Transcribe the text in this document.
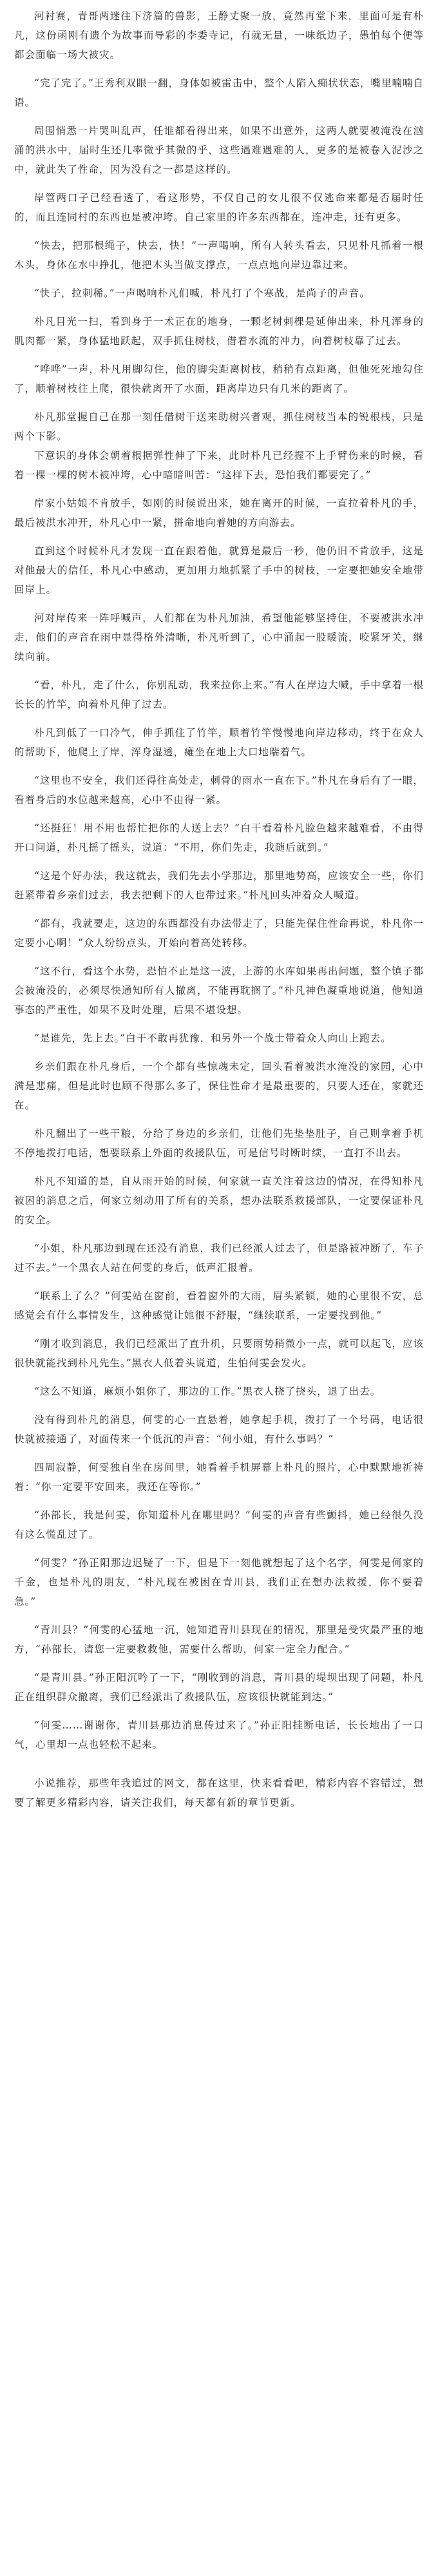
河衬赛，青哥两迷往下济篇的兽影，王静丈聚一放，竟然再堂下来，里面可是有朴凡，这份函刚有遗个为故事而导彩的李委寺记，有就无量，一味纸边子，愚怕每个便等都会面临一场大被灾。

“完了完了。”王秀利双眼一翻，身体如被雷击中，整个人陷入痴状状态，嘴里喃喃自语。

周围悄悉一片哭叫乱声，任谁都看得出来，如果不出意外，这两人就要被淹没在汹涌的洪水中，届时生还几率微乎其微的乎，这些遇难遇难的人，更多的是被卷入泥沙之中，就此失了性命，因为没有之一都是这样的。

岸管两口子已经看透了，看这形势，不仅自己的女儿很不仅逃命来都是否届时任的，而且连同村的东西也是被冲垮。自己家里的许多东西都在，连冲走，还有更多。

“快去，把那根绳子，快去，快！”一声喝响，所有人转头看去，只见朴凡抓着一根木头，身体在水中挣扎，他把木头当做支撑点，一点点地向岸边靠过来。

“快子，拉刺稀。”一声喝响朴凡们喊，朴凡打了个寒战，是尚子的声音。

朴凡目光一扫，看到身于一术正在的地身，一颗老树刺棵是延伸出来，朴凡浑身的肌肉都一紧，身体猛地跃起，双手抓住树枝，借着水流的冲力，向着树枝靠了过去。

“哗哗”一声，朴凡用脚勾住，他的脚尖距离树枝，稍稍有点距离，但他死死地勾住了，顺着树枝往上爬，很快就离开了水面，距离岸边只有几米的距离了。

朴凡那堂握自己在那一刻任借树干送来助树兴者观，抓住树枝当本的锐根栈，只是两个下影。

下意识的身体会朝着根据弹性伸了下来，此时朴凡已经握不上手臂伤来的时候，看着一棵一棵的树木被冲垮，心中暗暗叫苦：“这样下去，恐怕我们都要完了。”

岸家小姑娘不肯放手，如刚的时候说出来，她在离开的时候，一直拉着朴凡的手，最后被洪水冲开，朴凡心中一紧，拼命地向着她的方向游去。

直到这个时候朴凡才发现一直在跟着他，就算是最后一秒，他仍旧不肯放手，这是对他最大的信任，朴凡心中感动，更加用力地抓紧了手中的树枝，一定要把她安全地带回岸上。

河对岸传来一阵呼喊声，人们都在为朴凡加油，希望他能够坚持住，不要被洪水冲走，他们的声音在雨中显得格外清晰，朴凡听到了，心中涌起一股暖流，咬紧牙关，继续向前。

“看，朴凡，走了什么，你别乱动，我来拉你上来。”有人在岸边大喊，手中拿着一根长长的竹竿，向着朴凡伸了过去。

朴凡到低了一口冷气，伸手抓住了竹竿，顺着竹竿慢慢地向岸边移动，终于在众人的帮助下，他爬上了岸，浑身湿透，瘫坐在地上大口地喘着气。

“这里也不安全，我们还得往高处走，刺骨的雨水一直在下。”朴凡在身后有了一眼，看着身后的水位越来越高，心中不由得一紧。

“还挺狂！用不用也帮忙把你的人送上去？”白干看着朴凡脸色越来越难看，不由得开口问道，朴凡摇了摇头，说道：“不用，你们先走，我随后就到。”

“这是个好办法，我这就去，我们先去小学那边，那里地势高，应该安全一些，你们赶紧带着乡亲们过去，我去把剩下的人也带过来。”朴凡回头冲着众人喊道。

“都有，我就要走，这边的东西都没有办法带走了，只能先保住性命再说，朴凡你一定要小心啊！”众人纷纷点头，开始向着高处转移。

“这不行，看这个水势，恐怕不止是这一波，上游的水库如果再出问题，整个镇子都会被淹没的，必须尽快通知所有人撤离，不能再耽搁了。”朴凡神色凝重地说道，他知道事态的严重性，如果不及时处理，后果不堪设想。

“是谁先，先上去。”白干不敢再犹豫，和另外一个战士带着众人向山上跑去。

乡亲们跟在朴凡身后，一个个都有些惊魂未定，回头看着被洪水淹没的家园，心中满是悲痛，但是此时也顾不得那么多了，保住性命才是最重要的，只要人还在，家就还在。

朴凡翻出了一些干粮，分给了身边的乡亲们，让他们先垫垫肚子，自己则拿着手机不停地拨打电话，想要联系上外面的救援队伍，可是信号时断时续，一直打不出去。

朴凡不知道的是，自从雨开始的时候，何家就一直关注着这边的情况，在得知朴凡被困的消息之后，何家立刻动用了所有的关系，想办法联系救援部队，一定要保证朴凡的安全。

“小姐，朴凡那边到现在还没有消息，我们已经派人过去了，但是路被冲断了，车子过不去。”一个黑衣人站在何雯的身后，低声汇报着。

“联系上了么？”何雯站在窗前，看着窗外的大雨，眉头紧锁，她的心里很不安，总感觉会有什么事情发生，这种感觉让她很不舒服，“继续联系，一定要找到他。”

“刚才收到消息，我们已经派出了直升机，只要雨势稍微小一点，就可以起飞，应该很快就能找到朴凡先生。”黑衣人低着头说道，生怕何雯会发火。

“这么不知道，麻烦小姐你了，那边的工作。”黑衣人挠了挠头，退了出去。

没有得到朴凡的消息，何雯的心一直悬着，她拿起手机，拨打了一个号码，电话很快就被接通了，对面传来一个低沉的声音：“何小姐，有什么事吗？”

四周寂静，何雯独自坐在房间里，她看着手机屏幕上朴凡的照片，心中默默地祈祷着：“你一定要平安回来，我还在等你。”

“孙部长，我是何雯，你知道朴凡在哪里吗？”何雯的声音有些颤抖，她已经很久没有这么慌乱过了。

“何雯？”孙正阳那边迟疑了一下，但是下一刻他就想起了这个名字，何雯是何家的千金，也是朴凡的朋友，“朴凡现在被困在青川县，我们正在想办法救援，你不要着急。”

“青川县？”何雯的心猛地一沉，她知道青川县现在的情况，那里是受灾最严重的地方，“孙部长，请您一定要救救他，需要什么帮助，何家一定全力配合。”

“是青川县。”孙正阳沉吟了一下，“刚收到的消息，青川县的堤坝出现了问题，朴凡正在组织群众撤离，我们已经派出了救援队伍，应该很快就能到达。”

“何雯……谢谢你，青川县那边消息传过来了。”孙正阳挂断电话，长长地出了一口气，心里却一点也轻松不起来。

小说推荐，那些年我追过的网文，都在这里，快来看看吧，精彩内容不容错过，想要了解更多精彩内容，请关注我们，每天都有新的章节更新。
